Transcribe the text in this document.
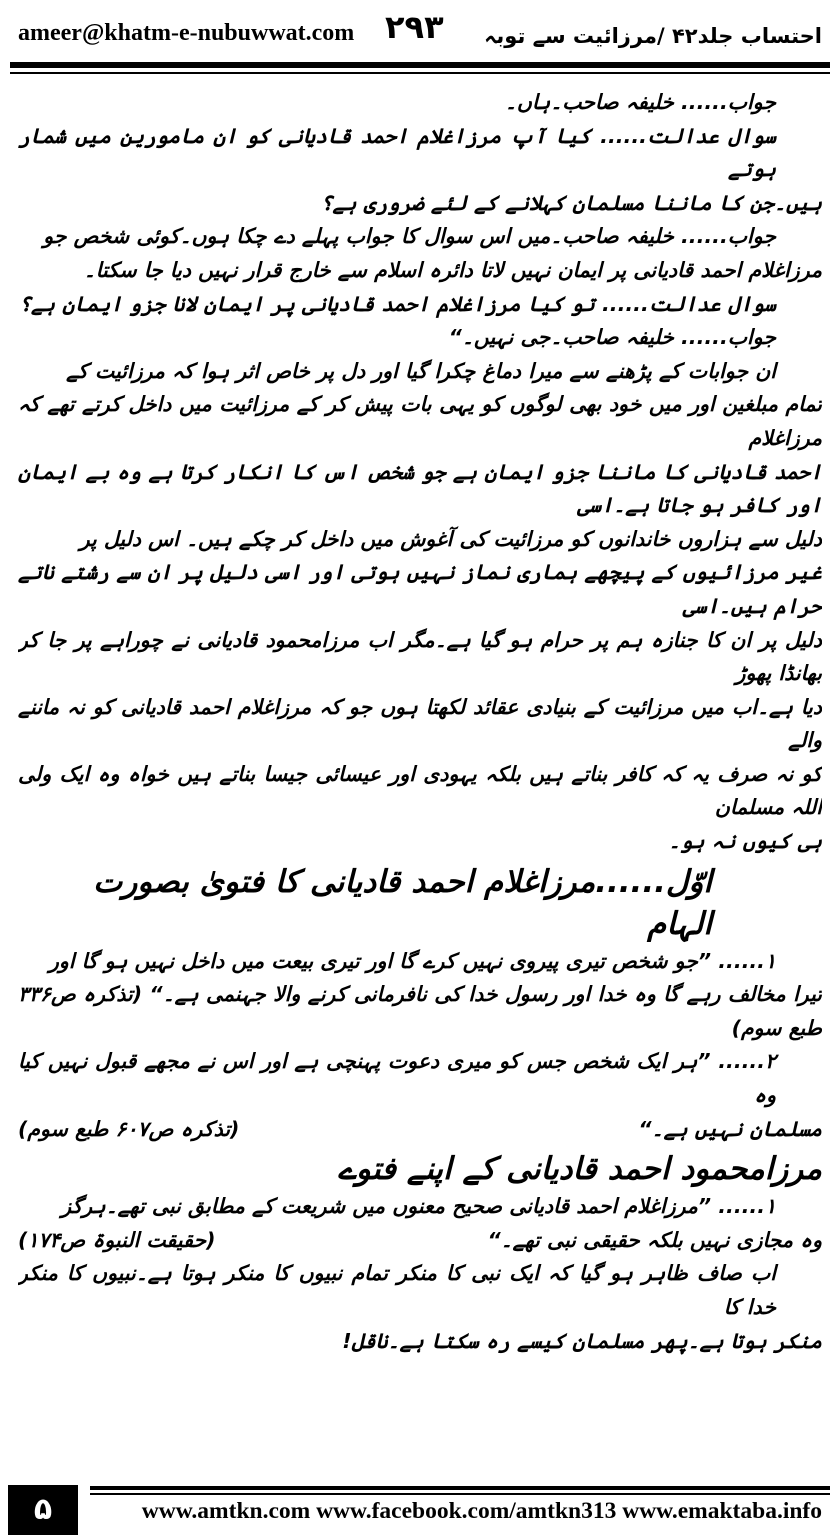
ameer@khatm-e-nubuwwat.com ۲۹۳ احتساب جلد۴۲ /مرزائیت سے توبہ

جواب...... خلیفہ صاحب۔ہاں۔

سوال عدالت...... کیا آپ مرزاغلام احمد قادیانی کو ان مامورین میں شمار ہوتے

ہیں۔جن کا ماننا مسلمان کہلانے کے لئے ضروری ہے؟

جواب...... خلیفہ صاحب۔میں اس سوال کا جواب پہلے دے چکا ہوں۔کوئی شخص جو

مرزاغلام احمد قادیانی پر ایمان نہیں لاتا دائرہ اسلام سے خارج قرار نہیں دیا جا سکتا۔

سوال عدالت...... تو کیا مرزاغلام احمد قادیانی پر ایمان لانا جزو ایمان ہے؟

جواب...... خلیفہ صاحب۔جی نہیں۔“

ان جوابات کے پڑھنے سے میرا دماغ چکرا گیا اور دل پر خاص اثر ہوا کہ مرزائیت کے

تمام مبلغین اور میں خود بھی لوگوں کو یہی بات پیش کر کے مرزائیت میں داخل کرتے تھے کہ مرزاغلام

احمد قادیانی کا ماننا جزو ایمان ہے جو شخص اس کا انکار کرتا ہے وہ بے ایمان اور کافر ہو جاتا ہے۔اسی

دلیل سے ہزاروں خاندانوں کو مرزائیت کی آغوش میں داخل کر چکے ہیں۔ اس دلیل پر

غیر مرزائیوں کے پیچھے ہماری نماز نہیں ہوتی اور اسی دلیل پر ان سے رشتے ناتے حرام ہیں۔اسی

دلیل پر ان کا جنازہ ہم پر حرام ہو گیا ہے۔مگر اب مرزامحمود قادیانی نے چوراہے پر جا کر بھانڈا پھوڑ

دیا ہے۔اب میں مرزائیت کے بنیادی عقائد لکھتا ہوں جو کہ مرزاغلام احمد قادیانی کو نہ ماننے والے

کو نہ صرف یہ کہ کافر بناتے ہیں بلکہ یہودی اور عیسائی جیسا بناتے ہیں خواہ وہ ایک ولی اللہ مسلمان

ہی کیوں نہ ہو۔

اوّل......مرزاغلام احمد قادیانی کا فتویٰ بصورت الہام

۱...... ”جو شخص تیری پیروی نہیں کرے گا اور تیری بیعت میں داخل نہیں ہو گا اور

تیرا مخالف رہے گا وہ خدا اور رسول خدا کی نافرمانی کرنے والا جہنمی ہے۔“ (تذکرہ ص۳۳۶ طبع سوم)

۲...... ”ہر ایک شخص جس کو میری دعوت پہنچی ہے اور اس نے مجھے قبول نہیں کیا وہ

مسلمان نہیں ہے۔“
(تذکرہ ص۶۰۷ طبع سوم)

مرزامحمود احمد قادیانی کے اپنے فتوے

۱...... ”مرزاغلام احمد قادیانی صحیح معنوں میں شریعت کے مطابق نبی تھے۔ہرگز

وہ مجازی نہیں بلکہ حقیقی نبی تھے۔“
(حقیقت النبوۃ ص۱۷۴)

اب صاف ظاہر ہو گیا کہ ایک نبی کا منکر تمام نبیوں کا منکر ہوتا ہے۔نبیوں کا منکر خدا کا

منکر ہوتا ہے۔پھر مسلمان کیسے رہ سکتا ہے۔ناقل!

۵	www.amtkn.com www.facebook.com/amtkn313 www.emaktaba.info
